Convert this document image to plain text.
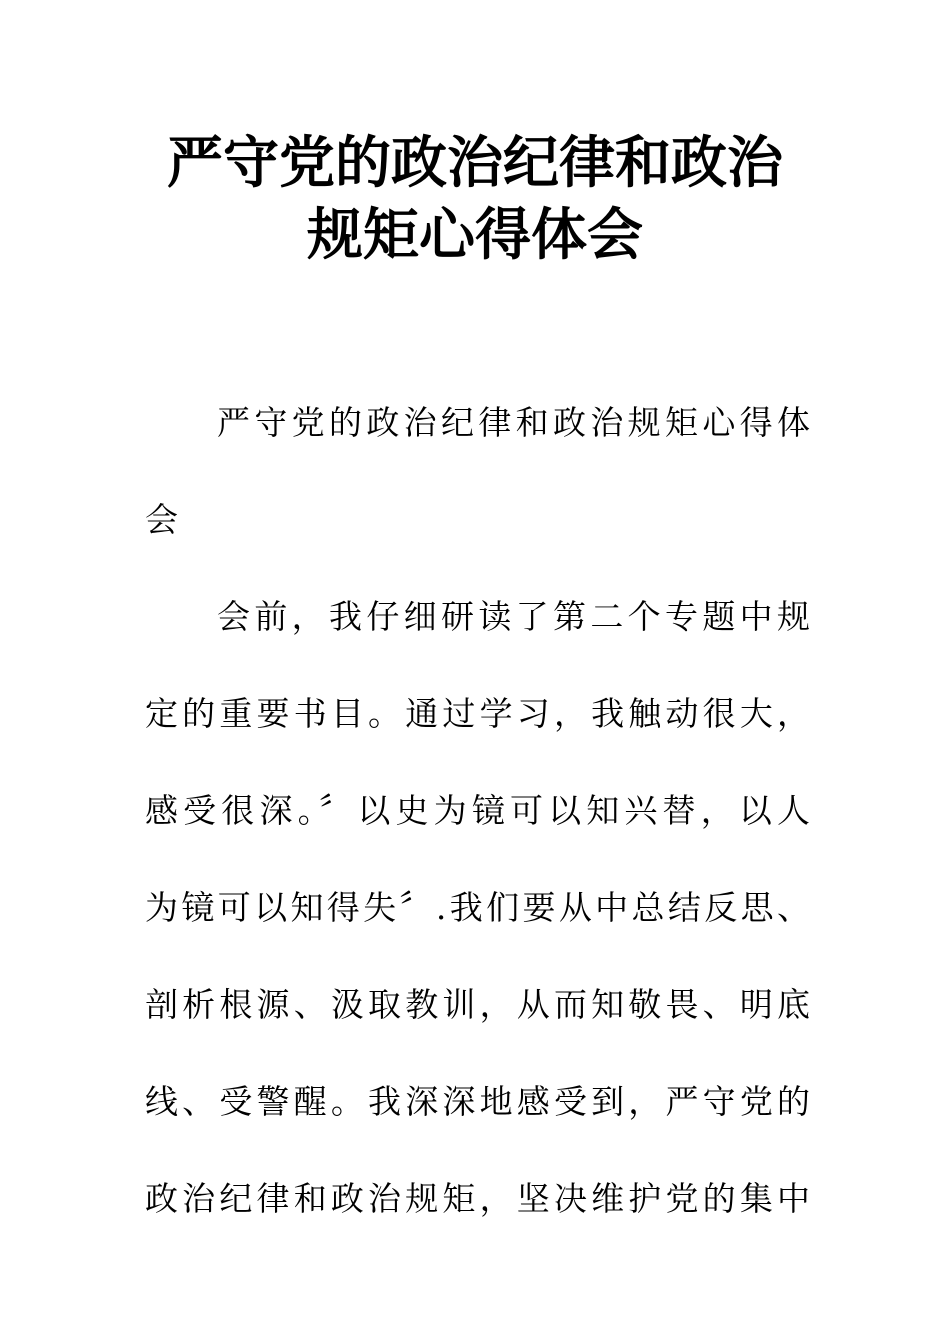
严守党的政治纪律和政治
规矩心得体会
严守党的政治纪律和政治规矩心得体
会
会前，我仔细研读了第二个专题中规
定的重要书目。通过学习，我触动很大，
感受很深。〞以史为镜可以知兴替，以人
为镜可以知得失〞.我们要从中总结反思、
剖析根源、汲取教训，从而知敬畏、明底
线、受警醒。我深深地感受到，严守党的
政治纪律和政治规矩，坚决维护党的集中
